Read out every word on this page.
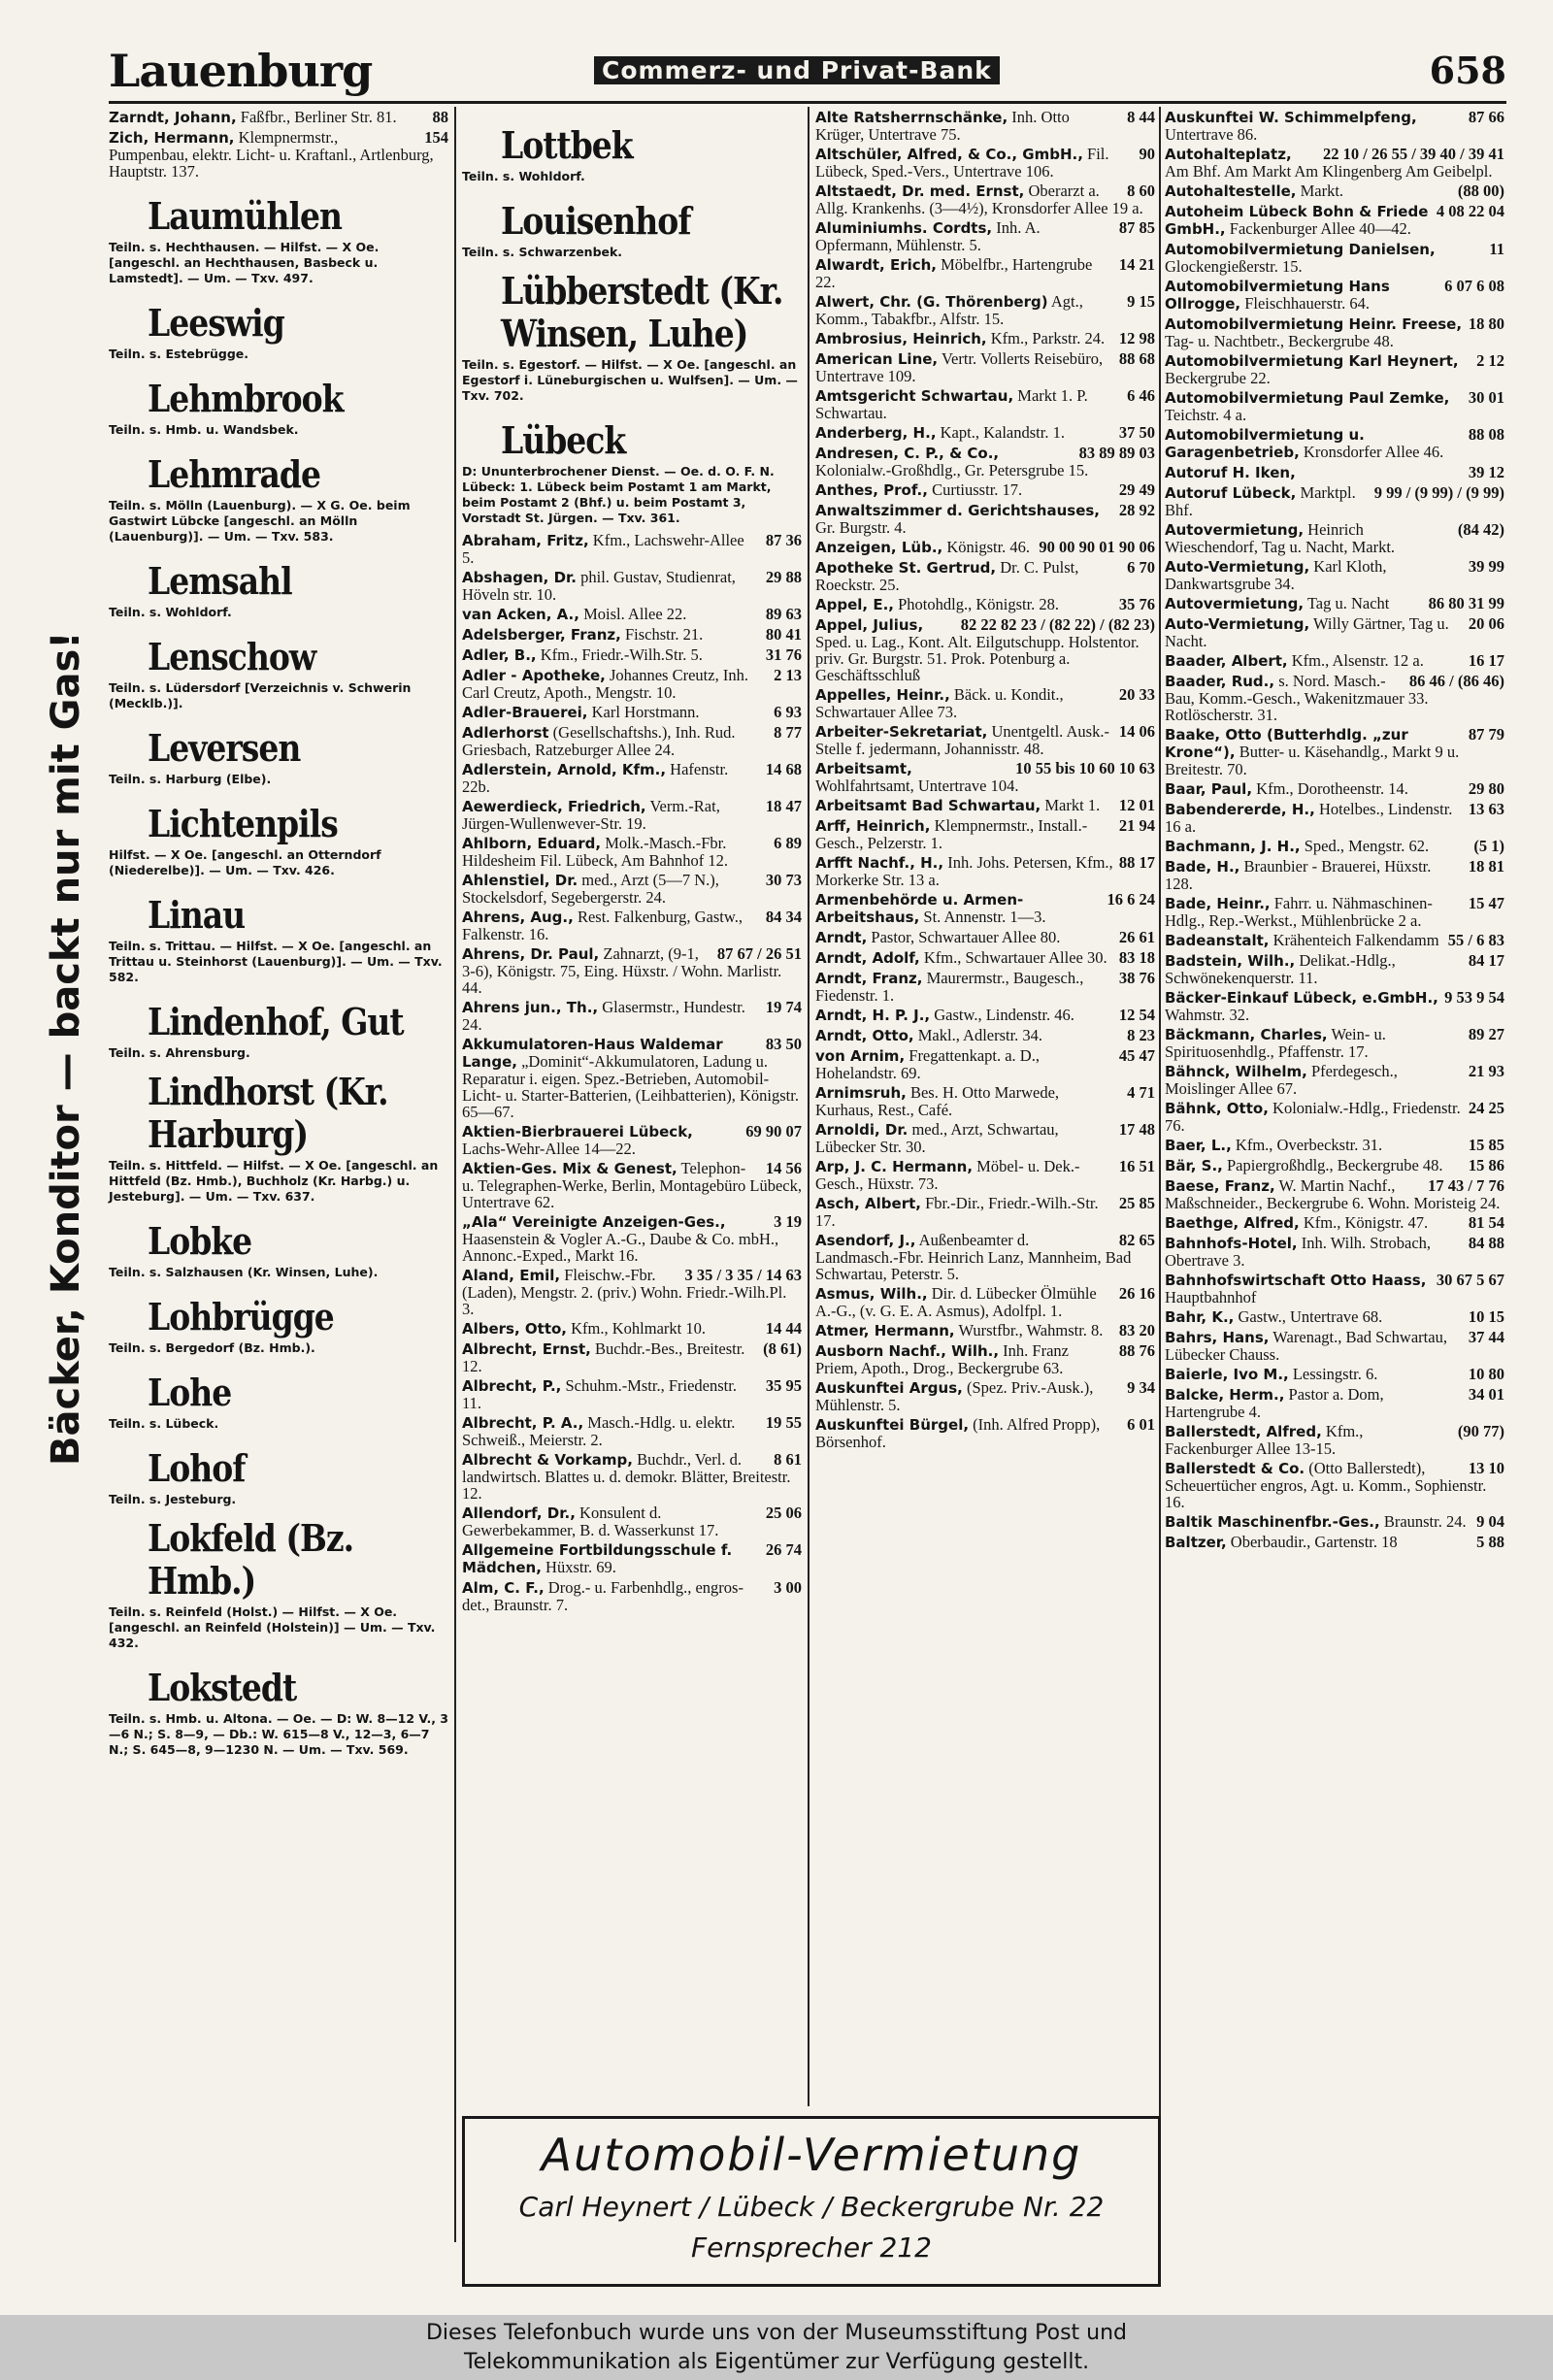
Lauenburg	Commerz- und Privat-Bank	658
Bäcker, Konditor — backt nur mit Gas!
88
Zarndt, Johann, Faßfbr., Berliner Str. 81.
154
Zich, Hermann, Klempnermstr., Pumpenbau, elektr. Licht- u. Kraftanl., Artlenburg, Hauptstr. 137.
Laumühlen
Teiln. s. Hechthausen. — Hilfst. — X Oe. [angeschl. an Hechthausen, Basbeck u. Lamstedt]. — Um. — Txv. 497.
Leeswig
Teiln. s. Estebrügge.
Lehmbrook
Teiln. s. Hmb. u. Wandsbek.
Lehmrade
Teiln. s. Mölln (Lauenburg). — X G. Oe. beim Gastwirt Lübcke [angeschl. an Mölln (Lauenburg)]. — Um. — Txv. 583.
Lemsahl
Teiln. s. Wohldorf.
Lenschow
Teiln. s. Lüdersdorf [Verzeichnis v. Schwerin (Mecklb.)].
Leversen
Teiln. s. Harburg (Elbe).
Lichtenpils
Hilfst. — X Oe. [angeschl. an Otterndorf (Niederelbe)]. — Um. — Txv. 426.
Linau
Teiln. s. Trittau. — Hilfst. — X Oe. [angeschl. an Trittau u. Steinhorst (Lauenburg)]. — Um. — Txv. 582.
Lindenhof, Gut
Teiln. s. Ahrensburg.
Lindhorst (Kr. Harburg)
Teiln. s. Hittfeld. — Hilfst. — X Oe. [angeschl. an Hittfeld (Bz. Hmb.), Buchholz (Kr. Harbg.) u. Jesteburg]. — Um. — Txv. 637.
Lobke
Teiln. s. Salzhausen (Kr. Winsen, Luhe).
Lohbrügge
Teiln. s. Bergedorf (Bz. Hmb.).
Lohe
Teiln. s. Lübeck.
Lohof
Teiln. s. Jesteburg.
Lokfeld (Bz. Hmb.)
Teiln. s. Reinfeld (Holst.) — Hilfst. — X Oe. [angeschl. an Reinfeld (Holstein)] — Um. — Txv. 432.
Lokstedt
Teiln. s. Hmb. u. Altona. — Oe. — D: W. 8—12 V., 3—6 N.; S. 8—9, — Db.: W. 615—8 V., 12—3, 6—7 N.; S. 645—8, 9—1230 N. — Um. — Txv. 569.
Lottbek
Teiln. s. Wohldorf.
Louisenhof
Teiln. s. Schwarzenbek.
Lübberstedt (Kr. Winsen, Luhe)
Teiln. s. Egestorf. — Hilfst. — X Oe. [angeschl. an Egestorf i. Lüneburgischen u. Wulfsen]. — Um. — Txv. 702.
Lübeck
D: Ununterbrochener Dienst. — Oe. d. O. F. N. Lübeck: 1. Lübeck beim Postamt 1 am Markt, beim Postamt 2 (Bhf.) u. beim Postamt 3, Vorstadt St. Jürgen. — Txv. 361.
87 36
Abraham, Fritz, Kfm., Lachswehr-Allee 5.
29 88
Abshagen, Dr. phil. Gustav, Studienrat, Höveln str. 10.
89 63
van Acken, A., Moisl. Allee 22.
80 41
Adelsberger, Franz, Fischstr. 21.
31 76
Adler, B., Kfm., Friedr.-Wilh.Str. 5.
2 13
Adler - Apotheke, Johannes Creutz, Inh. Carl Creutz, Apoth., Mengstr. 10.
6 93
Adler-Brauerei, Karl Horstmann.
8 77
Adlerhorst (Gesellschaftshs.), Inh. Rud. Griesbach, Ratzeburger Allee 24.
14 68
Adlerstein, Arnold, Kfm., Hafenstr. 22b.
18 47
Aewerdieck, Friedrich, Verm.-Rat, Jürgen-Wullenwever-Str. 19.
6 89
Ahlborn, Eduard, Molk.-Masch.-Fbr. Hildesheim Fil. Lübeck, Am Bahnhof 12.
30 73
Ahlenstiel, Dr. med., Arzt (5—7 N.), Stockelsdorf, Segebergerstr. 24.
84 34
Ahrens, Aug., Rest. Falkenburg, Gastw., Falkenstr. 16.
87 67 / 26 51
Ahrens, Dr. Paul, Zahnarzt, (9-1, 3-6), Königstr. 75, Eing. Hüxstr. / Wohn. Marlistr. 44.
19 74
Ahrens jun., Th., Glasermstr., Hundestr. 24.
83 50
Akkumulatoren-Haus Waldemar Lange, „Dominit“-Akkumulatoren, Ladung u. Reparatur i. eigen. Spez.-Betrieben, Automobil-Licht- u. Starter-Batterien, (Leihbatterien), Königstr. 65—67.
69 90 07
Aktien-Bierbrauerei Lübeck, Lachs-Wehr-Allee 14—22.
14 56
Aktien-Ges. Mix & Genest, Telephon- u. Telegraphen-Werke, Berlin, Montagebüro Lübeck, Untertrave 62.
3 19
„Ala“ Vereinigte Anzeigen-Ges., Haasenstein & Vogler A.-G., Daube & Co. mbH., Annonc.-Exped., Markt 16.
3 35 / 3 35 / 14 63
Aland, Emil, Fleischw.-Fbr. (Laden), Mengstr. 2. (priv.) Wohn. Friedr.-Wilh.Pl. 3.
14 44
Albers, Otto, Kfm., Kohlmarkt 10.
(8 61)
Albrecht, Ernst, Buchdr.-Bes., Breitestr. 12.
35 95
Albrecht, P., Schuhm.-Mstr., Friedenstr. 11.
19 55
Albrecht, P. A., Masch.-Hdlg. u. elektr. Schweiß., Meierstr. 2.
8 61
Albrecht & Vorkamp, Buchdr., Verl. d. landwirtsch. Blattes u. d. demokr. Blätter, Breitestr. 12.
25 06
Allendorf, Dr., Konsulent d. Gewerbekammer, B. d. Wasserkunst 17.
26 74
Allgemeine Fortbildungsschule f. Mädchen, Hüxstr. 69.
3 00
Alm, C. F., Drog.- u. Farbenhdlg., engros-det., Braunstr. 7.
8 44
Alte Ratsherrnschänke, Inh. Otto Krüger, Untertrave 75.
90
Altschüler, Alfred, & Co., GmbH., Fil. Lübeck, Sped.-Vers., Untertrave 106.
8 60
Altstaedt, Dr. med. Ernst, Oberarzt a. Allg. Krankenhs. (3—4½), Kronsdorfer Allee 19 a.
87 85
Aluminiumhs. Cordts, Inh. A. Opfermann, Mühlenstr. 5.
14 21
Alwardt, Erich, Möbelfbr., Hartengrube 22.
9 15
Alwert, Chr. (G. Thörenberg) Agt., Komm., Tabakfbr., Alfstr. 15.
12 98
Ambrosius, Heinrich, Kfm., Parkstr. 24.
88 68
American Line, Vertr. Vollerts Reisebüro, Untertrave 109.
6 46
Amtsgericht Schwartau, Markt 1. P. Schwartau.
37 50
Anderberg, H., Kapt., Kalandstr. 1.
83 89 89 03
Andresen, C. P., & Co., Kolonialw.-Großhdlg., Gr. Petersgrube 15.
29 49
Anthes, Prof., Curtiusstr. 17.
28 92
Anwaltszimmer d. Gerichtshauses, Gr. Burgstr. 4.
90 00 90 01 90 06
Anzeigen, Lüb., Königstr. 46.
6 70
Apotheke St. Gertrud, Dr. C. Pulst, Roeckstr. 25.
35 76
Appel, E., Photohdlg., Königstr. 28.
82 22 82 23 / (82 22) / (82 23)
Appel, Julius, Sped. u. Lag., Kont. Alt. Eilgutschupp. Holstentor. priv. Gr. Burgstr. 51. Prok. Potenburg a. Geschäftsschluß
20 33
Appelles, Heinr., Bäck. u. Kondit., Schwartauer Allee 73.
14 06
Arbeiter-Sekretariat, Unentgeltl. Ausk.-Stelle f. jedermann, Johannisstr. 48.
10 55 bis 10 60 10 63
Arbeitsamt, Wohlfahrtsamt, Untertrave 104.
12 01
Arbeitsamt Bad Schwartau, Markt 1.
21 94
Arff, Heinrich, Klempnermstr., Install.-Gesch., Pelzerstr. 1.
88 17
Arfft Nachf., H., Inh. Johs. Petersen, Kfm., Morkerke Str. 13 a.
16 6 24
Armenbehörde u. Armen-Arbeitshaus, St. Annenstr. 1—3.
26 61
Arndt, Pastor, Schwartauer Allee 80.
83 18
Arndt, Adolf, Kfm., Schwartauer Allee 30.
38 76
Arndt, Franz, Maurermstr., Baugesch., Fiedenstr. 1.
12 54
Arndt, H. P. J., Gastw., Lindenstr. 46.
8 23
Arndt, Otto, Makl., Adlerstr. 34.
45 47
von Arnim, Fregattenkapt. a. D., Hohelandstr. 69.
4 71
Arnimsruh, Bes. H. Otto Marwede, Kurhaus, Rest., Café.
17 48
Arnoldi, Dr. med., Arzt, Schwartau, Lübecker Str. 30.
16 51
Arp, J. C. Hermann, Möbel- u. Dek.-Gesch., Hüxstr. 73.
25 85
Asch, Albert, Fbr.-Dir., Friedr.-Wilh.-Str. 17.
82 65
Asendorf, J., Außenbeamter d. Landmasch.-Fbr. Heinrich Lanz, Mannheim, Bad Schwartau, Peterstr. 5.
26 16
Asmus, Wilh., Dir. d. Lübecker Ölmühle A.-G., (v. G. E. A. Asmus), Adolfpl. 1.
83 20
Atmer, Hermann, Wurstfbr., Wahmstr. 8.
88 76
Ausborn Nachf., Wilh., Inh. Franz Priem, Apoth., Drog., Beckergrube 63.
9 34
Auskunftei Argus, (Spez. Priv.-Ausk.), Mühlenstr. 5.
6 01
Auskunftei Bürgel, (Inh. Alfred Propp), Börsenhof.
87 66
Auskunftei W. Schimmelpfeng, Untertrave 86.
22 10 / 26 55 / 39 40 / 39 41
Autohalteplatz, Am Bhf. Am Markt Am Klingenberg Am Geibelpl.
(88 00)
Autohaltestelle, Markt.
4 08 22 04
Autoheim Lübeck Bohn & Friede GmbH., Fackenburger Allee 40—42.
11
Automobilvermietung Danielsen, Glockengießerstr. 15.
6 07 6 08
Automobilvermietung Hans Ollrogge, Fleischhauerstr. 64.
18 80
Automobilvermietung Heinr. Freese, Tag- u. Nachtbetr., Beckergrube 48.
2 12
Automobilvermietung Karl Heynert, Beckergrube 22.
30 01
Automobilvermietung Paul Zemke, Teichstr. 4 a.
88 08
Automobilvermietung u. Garagenbetrieb, Kronsdorfer Allee 46.
39 12
Autoruf H. Iken,
9 99 / (9 99) / (9 99)
Autoruf Lübeck, Marktpl. Bhf.
(84 42)
Autovermietung, Heinrich Wieschendorf, Tag u. Nacht, Markt.
39 99
Auto-Vermietung, Karl Kloth, Dankwartsgrube 34.
86 80 31 99
Autovermietung, Tag u. Nacht
20 06
Auto-Vermietung, Willy Gärtner, Tag u. Nacht.
16 17
Baader, Albert, Kfm., Alsenstr. 12 a.
86 46 / (86 46)
Baader, Rud., s. Nord. Masch.-Bau, Komm.-Gesch., Wakenitzmauer 33. Rotlöscherstr. 31.
87 79
Baake, Otto (Butterhdlg. „zur Krone“), Butter- u. Käsehandlg., Markt 9 u. Breitestr. 70.
29 80
Baar, Paul, Kfm., Dorotheenstr. 14.
13 63
Babendererde, H., Hotelbes., Lindenstr. 16 a.
(5 1)
Bachmann, J. H., Sped., Mengstr. 62.
18 81
Bade, H., Braunbier - Brauerei, Hüxstr. 128.
15 47
Bade, Heinr., Fahrr. u. Nähmaschinen-Hdlg., Rep.-Werkst., Mühlenbrücke 2 a.
55 / 6 83
Badeanstalt, Krähenteich Falkendamm
84 17
Badstein, Wilh., Delikat.-Hdlg., Schwönekenquerstr. 11.
9 53 9 54
Bäcker-Einkauf Lübeck, e.GmbH., Wahmstr. 32.
89 27
Bäckmann, Charles, Wein- u. Spirituosenhdlg., Pfaffenstr. 17.
21 93
Bähnck, Wilhelm, Pferdegesch., Moislinger Allee 67.
24 25
Bähnk, Otto, Kolonialw.-Hdlg., Friedenstr. 76.
15 85
Baer, L., Kfm., Overbeckstr. 31.
15 86
Bär, S., Papiergroßhdlg., Beckergrube 48.
17 43 / 7 76
Baese, Franz, W. Martin Nachf., Maßschneider., Beckergrube 6. Wohn. Moristeig 24.
81 54
Baethge, Alfred, Kfm., Königstr. 47.
84 88
Bahnhofs-Hotel, Inh. Wilh. Strobach, Obertrave 3.
30 67 5 67
Bahnhofswirtschaft Otto Haass, Hauptbahnhof
10 15
Bahr, K., Gastw., Untertrave 68.
37 44
Bahrs, Hans, Warenagt., Bad Schwartau, Lübecker Chauss.
10 80
Baierle, Ivo M., Lessingstr. 6.
34 01
Balcke, Herm., Pastor a. Dom, Hartengrube 4.
(90 77)
Ballerstedt, Alfred, Kfm., Fackenburger Allee 13-15.
13 10
Ballerstedt & Co. (Otto Ballerstedt), Scheuertücher engros, Agt. u. Komm., Sophienstr. 16.
9 04
Baltik Maschinenfbr.-Ges., Braunstr. 24.
5 88
Baltzer, Oberbaudir., Gartenstr. 18
Automobil-Vermietung
Carl Heynert / Lübeck / Beckergrube Nr. 22
Fernsprecher 212
Dieses Telefonbuch wurde uns von der Museumsstiftung Post und
Telekommunikation als Eigentümer zur Verfügung gestellt.
